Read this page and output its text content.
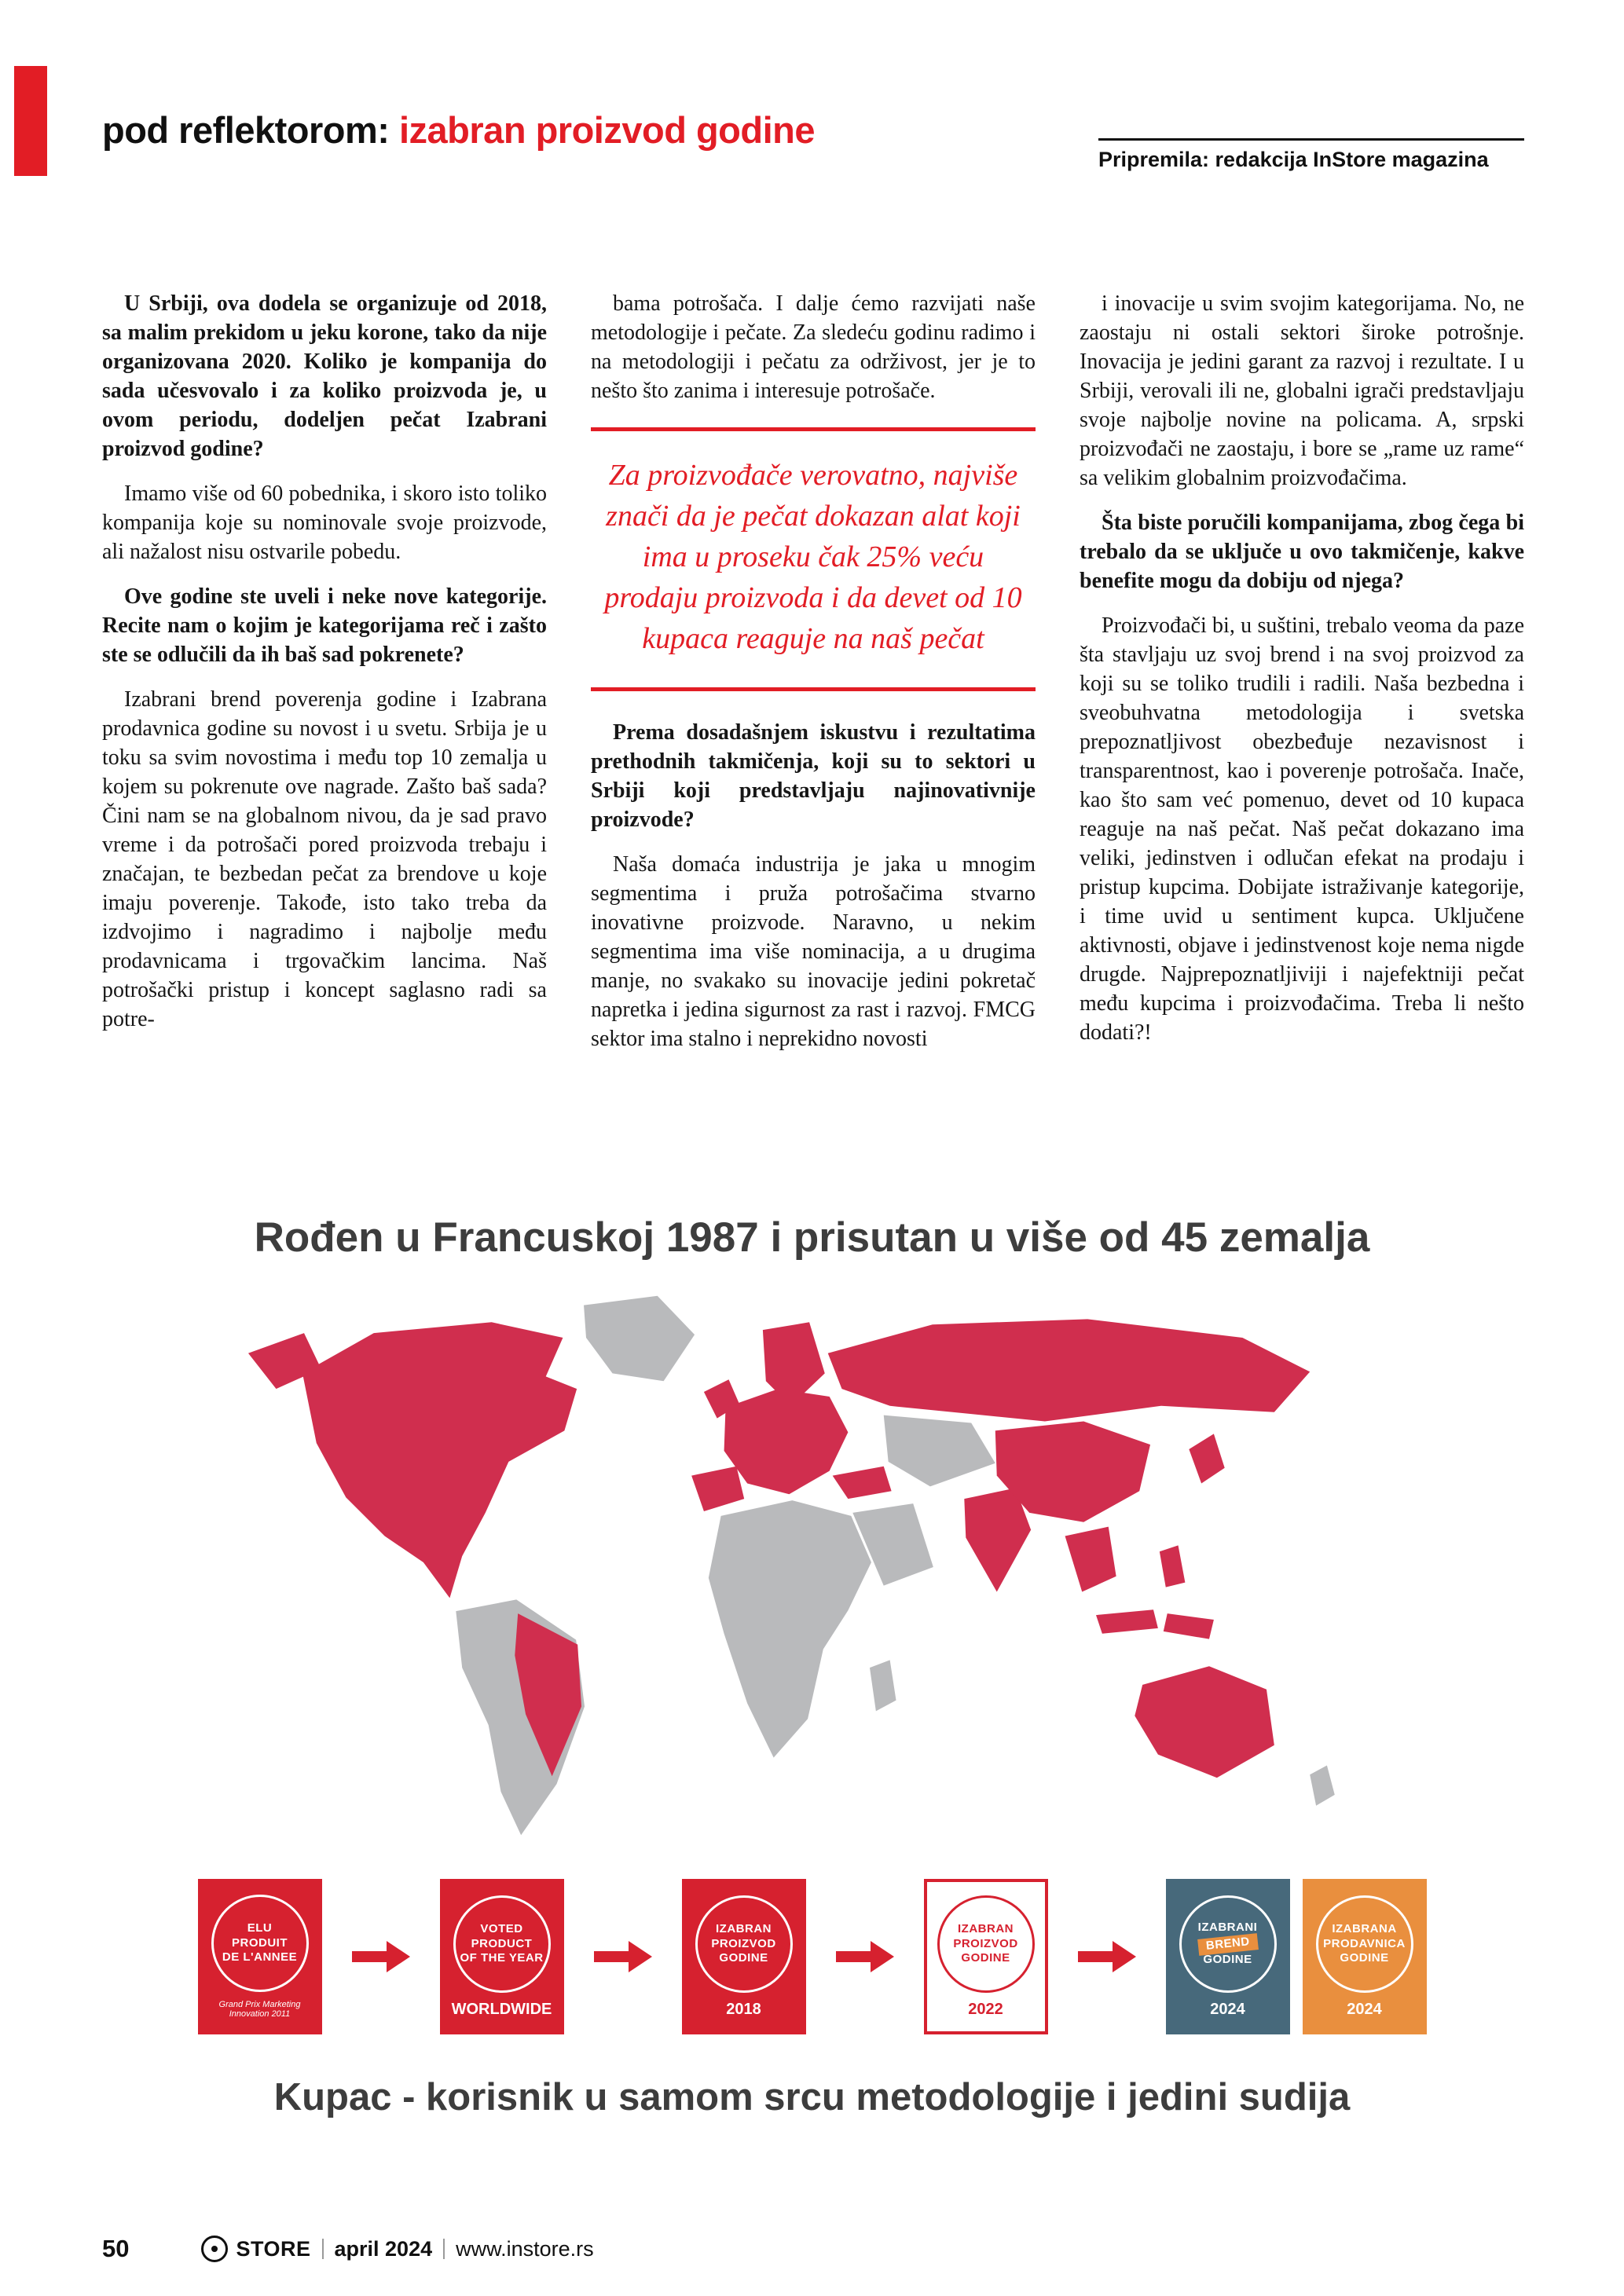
pod reflektorom: izabran proizvod godine
Pripremila: redakcija InStore magazina

U Srbiji, ova dodela se organizuje od 2018, sa malim prekidom u jeku korone, tako da nije organizovana 2020. Koliko je kompanija do sada učesvovalo i za koliko proizvoda je, u ovom periodu, dodeljen pečat Izabrani proizvod godine?

Imamo više od 60 pobednika, i skoro isto toliko kompanija koje su nominovale svoje proizvode, ali nažalost nisu ostvarile pobedu.

Ove godine ste uveli i neke nove kategorije. Recite nam o kojim je kategorijama reč i zašto ste se odlučili da ih baš sad pokrenete?

Izabrani brend poverenja godine i Izabrana prodavnica godine su novost i u svetu. Srbija je u toku sa svim novostima i među top 10 zemalja u kojem su pokrenute ove nagrade. Zašto baš sada? Čini nam se na globalnom nivou, da je sad pravo vreme i da potrošači pored proizvoda trebaju i značajan, te bezbedan pečat za brendove u koje imaju poverenje. Takođe, isto tako treba da izdvojimo i nagradimo i najbolje među prodavnicama i trgovačkim lancima. Naš potrošački pristup i koncept saglasno radi sa potre-

bama potrošača. I dalje ćemo razvijati naše metodologije i pečate. Za sledeću godinu radimo i na metodologiji i pečatu za održivost, jer je to nešto što zanima i interesuje potrošače.

Za proizvođače verovatno, najviše znači da je pečat dokazan alat koji ima u proseku čak 25% veću prodaju proizvoda i da devet od 10 kupaca reaguje na naš pečat

Prema dosadašnjem iskustvu i rezultatima prethodnih takmičenja, koji su to sektori u Srbiji koji predstavljaju najinovativnije proizvode?

Naša domaća industrija je jaka u mnogim segmentima i pruža potrošačima stvarno inovativne proizvode. Naravno, u nekim segmentima ima više nominacija, a u drugima manje, no svakako su inovacije jedini pokretač napretka i jedina sigurnost za rast i razvoj. FMCG sektor ima stalno i neprekidno novosti

i inovacije u svim svojim kategorijama. No, ne zaostaju ni ostali sektori široke potrošnje. Inovacija je jedini garant za razvoj i rezultate. I u Srbiji, verovali ili ne, globalni igrači predstavljaju svoje najbolje novine na policama. A, srpski proizvođači ne zaostaju, i bore se „rame uz rame“ sa velikim globalnim proizvođačima.

Šta biste poručili kompanijama, zbog čega bi trebalo da se uključe u ovo takmičenje, kakve benefite mogu da dobiju od njega?

Proizvođači bi, u suštini, trebalo veoma da paze šta stavljaju uz svoj brend i na svoj proizvod za koji su se toliko trudili i radili. Naša bezbedna i sveobuhvatna metodologija i svetska prepoznatljivost obezbeđuje nezavisnost i transparentnost, kao i poverenje potrošača. Inače, kao što sam već pomenuo, devet od 10 kupaca reaguje na naš pečat. Naš pečat dokazano ima veliki, jedinstven i odlučan efekat na prodaju i pristup kupcima. Dobijate istraživanje kategorije, i time uvid u sentiment kupca. Uključene aktivnosti, objave i jedinstvenost koje nema nigde drugde. Najprepoznatljiviji i najefektniji pečat među kupcima i proizvođačima. Treba li nešto dodati?!

Rođen u Francuskoj 1987 i prisutan u više od 45 zemalja
ELU
PRODUIT
DE L'ANNEE
Grand Prix Marketing Innovation 2011
VOTED
PRODUCT
OF THE YEAR
WORLDWIDE
IZABRAN
PROIZVOD
GODINE
2018
IZABRAN
PROIZVOD
GODINE
2022
IZABRANI
BREND
GODINE
2024
IZABRANA
PRODAVNICA
GODINE
2024
Kupac - korisnik u samom srcu metodologije i jedini sudija
50	STORE april 2024 www.instore.rs
